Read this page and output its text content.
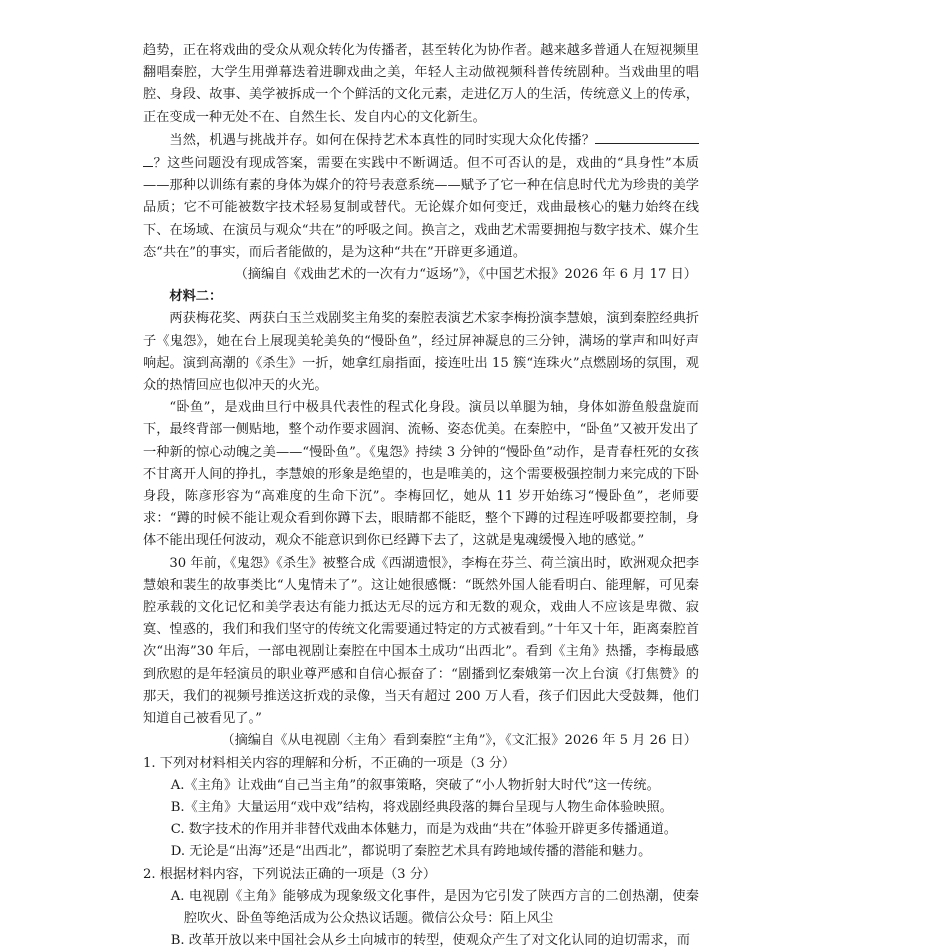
趋势，正在将戏曲的受众从观众转化为传播者，甚至转化为协作者。越来越多普通人在短视频里翻唱秦腔，大学生用弹幕迭着进聊戏曲之美，年轻人主动做视频科普传统剧种。当戏曲里的唱腔、身段、故事、美学被拆成一个个鲜活的文化元素，走进亿万人的生活，传统意义上的传承，正在变成一种无处不在、自然生长、发自内心的文化新生。

当然，机遇与挑战并存。如何在保持艺术本真性的同时实现大众化传播？？这些问题没有现成答案，需要在实践中不断调适。但不可否认的是，戏曲的“具身性”本质——那种以训练有素的身体为媒介的符号表意系统——赋予了它一种在信息时代尤为珍贵的美学品质；它不可能被数字技术轻易复制或替代。无论媒介如何变迁，戏曲最核心的魅力始终在线下、在场域、在演员与观众“共在”的呼吸之间。换言之，戏曲艺术需要拥抱与数字技术、媒介生态“共在”的事实，而后者能做的，是为这种“共在”开辟更多通道。

（摘编自《戏曲艺术的一次有力“返场”》，《中国艺术报》2026 年 6 月 17 日）

材料二：

两获梅花奖、两获白玉兰戏剧奖主角奖的秦腔表演艺术家李梅扮演李慧娘，演到秦腔经典折子《鬼怨》，她在台上展现美轮美奂的“慢卧鱼”，经过屏神凝息的三分钟，满场的掌声和叫好声响起。演到高潮的《杀生》一折，她拿红扇指面，接连吐出 15 簇“连珠火”点燃剧场的氛围，观众的热情回应也似冲天的火光。

“卧鱼”，是戏曲旦行中极具代表性的程式化身段。演员以单腿为轴，身体如游鱼般盘旋而下，最终背部一侧贴地，整个动作要求圆润、流畅、姿态优美。在秦腔中，“卧鱼”又被开发出了一种新的惊心动魄之美——“慢卧鱼”。《鬼怨》持续 3 分钟的“慢卧鱼”动作，是青春枉死的女孩不甘离开人间的挣扎，李慧娘的形象是绝望的，也是唯美的，这个需要极强控制力来完成的下卧身段，陈彦形容为“高难度的生命下沉”。李梅回忆，她从 11 岁开始练习“慢卧鱼”，老师要求：“蹲的时候不能让观众看到你蹲下去，眼睛都不能眨，整个下蹲的过程连呼吸都要控制，身体不能出现任何波动，观众不能意识到你已经蹲下去了，这就是鬼魂缓慢入地的感觉。”

30 年前，《鬼怨》《杀生》被整合成《西湖遗恨》，李梅在芬兰、荷兰演出时，欧洲观众把李慧娘和裴生的故事类比“人鬼情未了”。这让她很感慨：“既然外国人能看明白、能理解，可见秦腔承载的文化记忆和美学表达有能力抵达无尽的远方和无数的观众，戏曲人不应该是卑微、寂寞、惶惑的，我们和我们坚守的传统文化需要通过特定的方式被看到。”十年又十年，距离秦腔首次“出海”30 年后，一部电视剧让秦腔在中国本土成功“出西北”。看到《主角》热播，李梅最感到欣慰的是年轻演员的职业尊严感和自信心振奋了：“剧播到忆秦娥第一次上台演《打焦赞》的那天，我们的视频号推送这折戏的录像，当天有超过 200 万人看，孩子们因此大受鼓舞，他们知道自己被看见了。”

（摘编自《从电视剧〈主角〉看到秦腔“主角”》，《文汇报》2026 年 5 月 26 日）

1. 下列对材料相关内容的理解和分析，不正确的一项是（3 分）

A.《主角》让戏曲“自己当主角”的叙事策略，突破了“小人物折射大时代”这一传统。

B.《主角》大量运用“戏中戏”结构，将戏剧经典段落的舞台呈现与人物生命体验映照。

C. 数字技术的作用并非替代戏曲本体魅力，而是为戏曲“共在”体验开辟更多传播通道。

D. 无论是“出海”还是“出西北”，都说明了秦腔艺术具有跨地域传播的潜能和魅力。

2. 根据材料内容，下列说法正确的一项是（3 分）

A. 电视剧《主角》能够成为现象级文化事件，是因为它引发了陕西方言的二创热潮，使秦腔吹火、卧鱼等绝活成为公众热议话题。微信公众号：陌上风尘

B. 改革开放以来中国社会从乡土向城市的转型，使观众产生了对文化认同的迫切需求，而
